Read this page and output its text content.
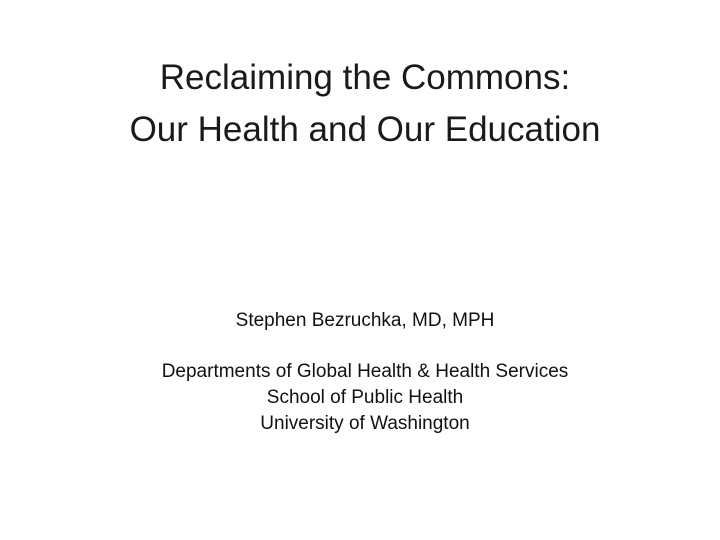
Reclaiming the Commons:
Our Health and Our Education
Stephen Bezruchka, MD, MPH
Departments of Global Health & Health Services
School of Public Health
University of Washington
